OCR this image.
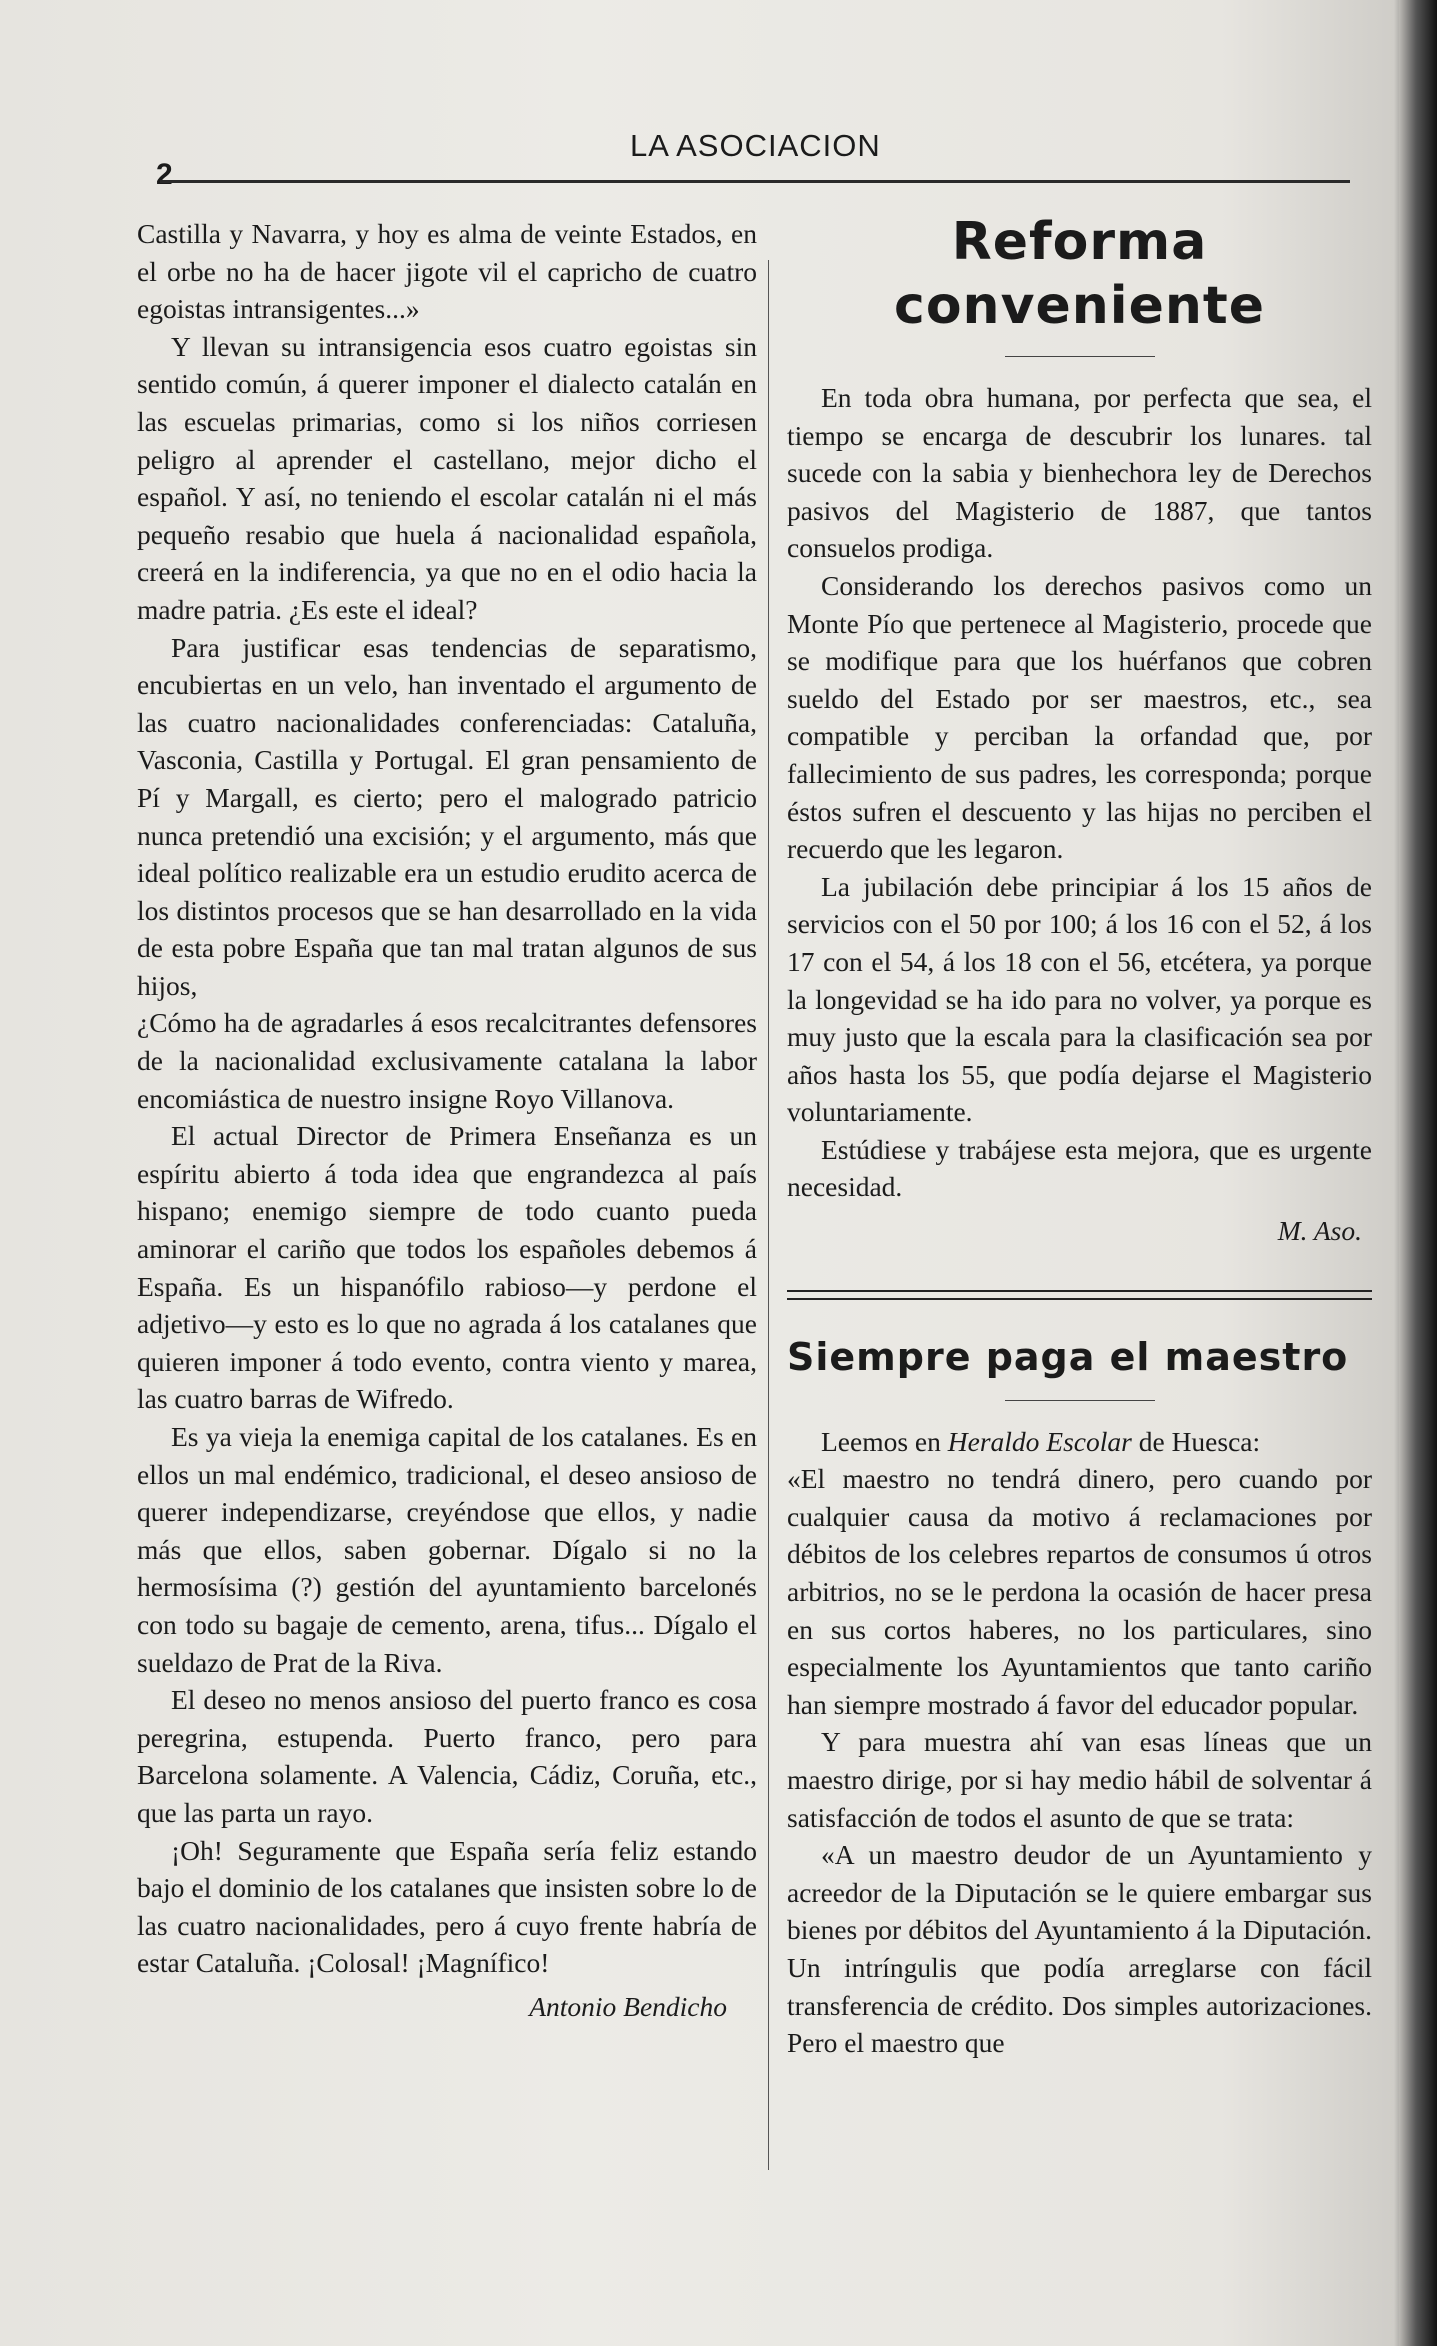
2
LA ASOCIACION

Castilla y Navarra, y hoy es alma de veinte Estados, en el orbe no ha de hacer jigote vil el capricho de cuatro egoistas intransigentes...»

Y llevan su intransigencia esos cuatro egoistas sin sentido común, á querer imponer el dialecto catalán en las escuelas primarias, como si los niños corriesen peligro al aprender el castellano, mejor dicho el español. Y así, no teniendo el escolar catalán ni el más pequeño resabio que huela á nacionalidad española, creerá en la indiferencia, ya que no en el odio hacia la madre patria. ¿Es este el ideal?

Para justificar esas tendencias de separatismo, encubiertas en un velo, han inventado el argumento de las cuatro nacionalidades conferenciadas: Cataluña, Vasconia, Castilla y Portugal. El gran pensamiento de Pí y Margall, es cierto; pero el malogrado patricio nunca pretendió una excisión; y el argumento, más que ideal político realizable era un estudio erudito acerca de los distintos procesos que se han desarrollado en la vida de esta pobre España que tan mal tratan algunos de sus hijos,

¿Cómo ha de agradarles á esos recalcitrantes defensores de la nacionalidad exclusivamente catalana la labor encomiástica de nuestro insigne Royo Villanova.

El actual Director de Primera Enseñanza es un espíritu abierto á toda idea que engrandezca al país hispano; enemigo siempre de todo cuanto pueda aminorar el cariño que todos los españoles debemos á España. Es un hispanófilo rabioso—y perdone el adjetivo—y esto es lo que no agrada á los catalanes que quieren imponer á todo evento, contra viento y marea, las cuatro barras de Wifredo.

Es ya vieja la enemiga capital de los catalanes. Es en ellos un mal endémico, tradicional, el deseo ansioso de querer independizarse, creyéndose que ellos, y nadie más que ellos, saben gobernar. Dígalo si no la hermosísima (?) gestión del ayuntamiento barcelonés con todo su bagaje de cemento, arena, tifus... Dígalo el sueldazo de Prat de la Riva.

El deseo no menos ansioso del puerto franco es cosa peregrina, estupenda. Puerto franco, pero para Barcelona solamente. A Valencia, Cádiz, Coruña, etc., que las parta un rayo.

¡Oh! Seguramente que España sería feliz estando bajo el dominio de los catalanes que insisten sobre lo de las cuatro nacionalidades, pero á cuyo frente habría de estar Cataluña. ¡Colosal! ¡Magnífico!

Antonio Bendicho
Reforma conveniente

En toda obra humana, por perfecta que sea, el tiempo se encarga de descubrir los lunares. tal sucede con la sabia y bienhechora ley de Derechos pasivos del Magisterio de 1887, que tantos consuelos prodiga.

Considerando los derechos pasivos como un Monte Pío que pertenece al Magisterio, procede que se modifique para que los huérfanos que cobren sueldo del Estado por ser maestros, etc., sea compatible y perciban la orfandad que, por fallecimiento de sus padres, les corresponda; porque éstos sufren el descuento y las hijas no perciben el recuerdo que les legaron.

La jubilación debe principiar á los 15 años de servicios con el 50 por 100; á los 16 con el 52, á los 17 con el 54, á los 18 con el 56, etcétera, ya porque la longevidad se ha ido para no volver, ya porque es muy justo que la escala para la clasificación sea por años hasta los 55, que podía dejarse el Magisterio voluntariamente.

Estúdiese y trabájese esta mejora, que es urgente necesidad.

M. Aso.
Siempre paga el maestro

Leemos en Heraldo Escolar de Huesca:

«El maestro no tendrá dinero, pero cuando por cualquier causa da motivo á reclamaciones por débitos de los celebres repartos de consumos ú otros arbitrios, no se le perdona la ocasión de hacer presa en sus cortos haberes, no los particulares, sino especialmente los Ayuntamientos que tanto cariño han siempre mostrado á favor del educador popular.

Y para muestra ahí van esas líneas que un maestro dirige, por si hay medio hábil de solventar á satisfacción de todos el asunto de que se trata:

«A un maestro deudor de un Ayuntamiento y acreedor de la Diputación se le quiere embargar sus bienes por débitos del Ayuntamiento á la Diputación. Un intríngulis que podía arreglarse con fácil transferencia de crédito. Dos simples autorizaciones. Pero el maestro que
